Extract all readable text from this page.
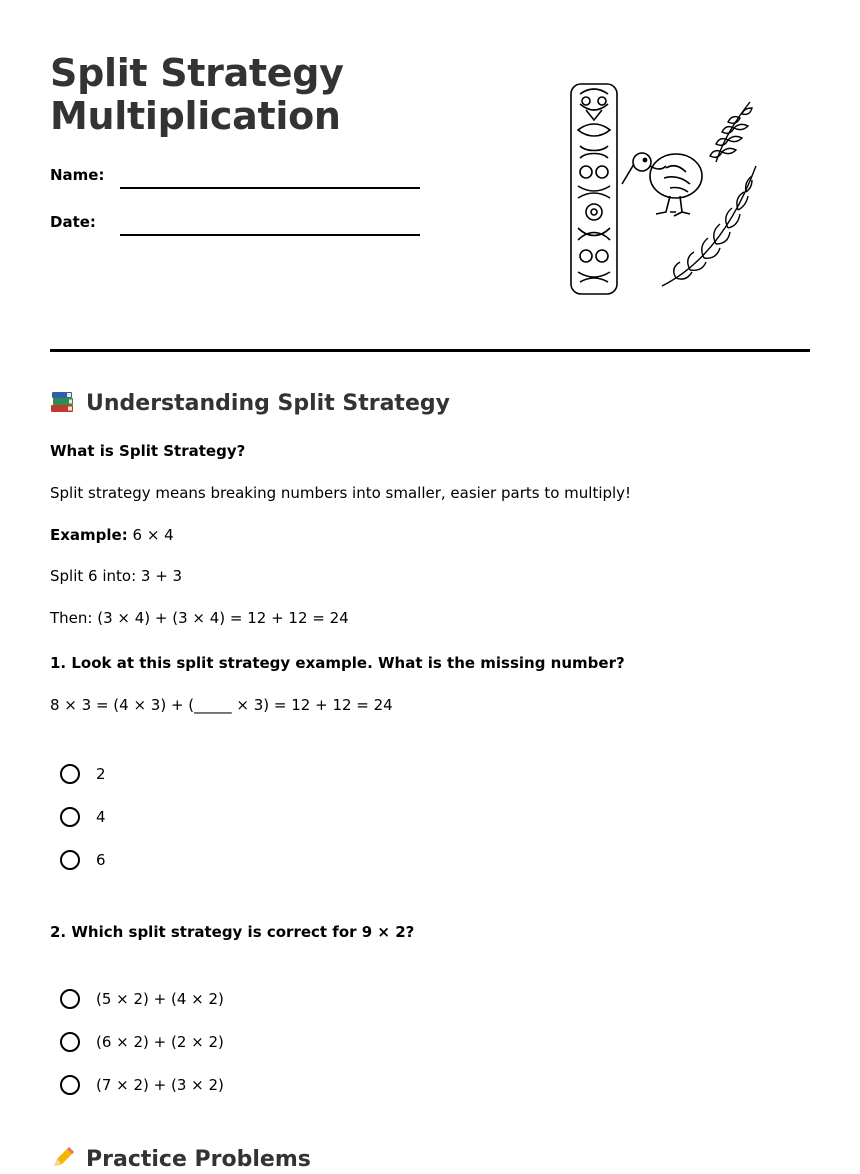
Split Strategy
Multiplication
Name:
Date:
Understanding Split Strategy

What is Split Strategy?

Split strategy means breaking numbers into smaller, easier parts to multiply!

Example: 6 × 4

Split 6 into: 3 + 3

Then: (3 × 4) + (3 × 4) = 12 + 12 = 24

1. Look at this split strategy example. What is the missing number?

8 × 3 = (4 × 3) + (_____ × 3) = 12 + 12 = 24

2
4
6

2. Which split strategy is correct for 9 × 2?

(5 × 2) + (4 × 2)
(6 × 2) + (2 × 2)
(7 × 2) + (3 × 2)
Practice Problems
